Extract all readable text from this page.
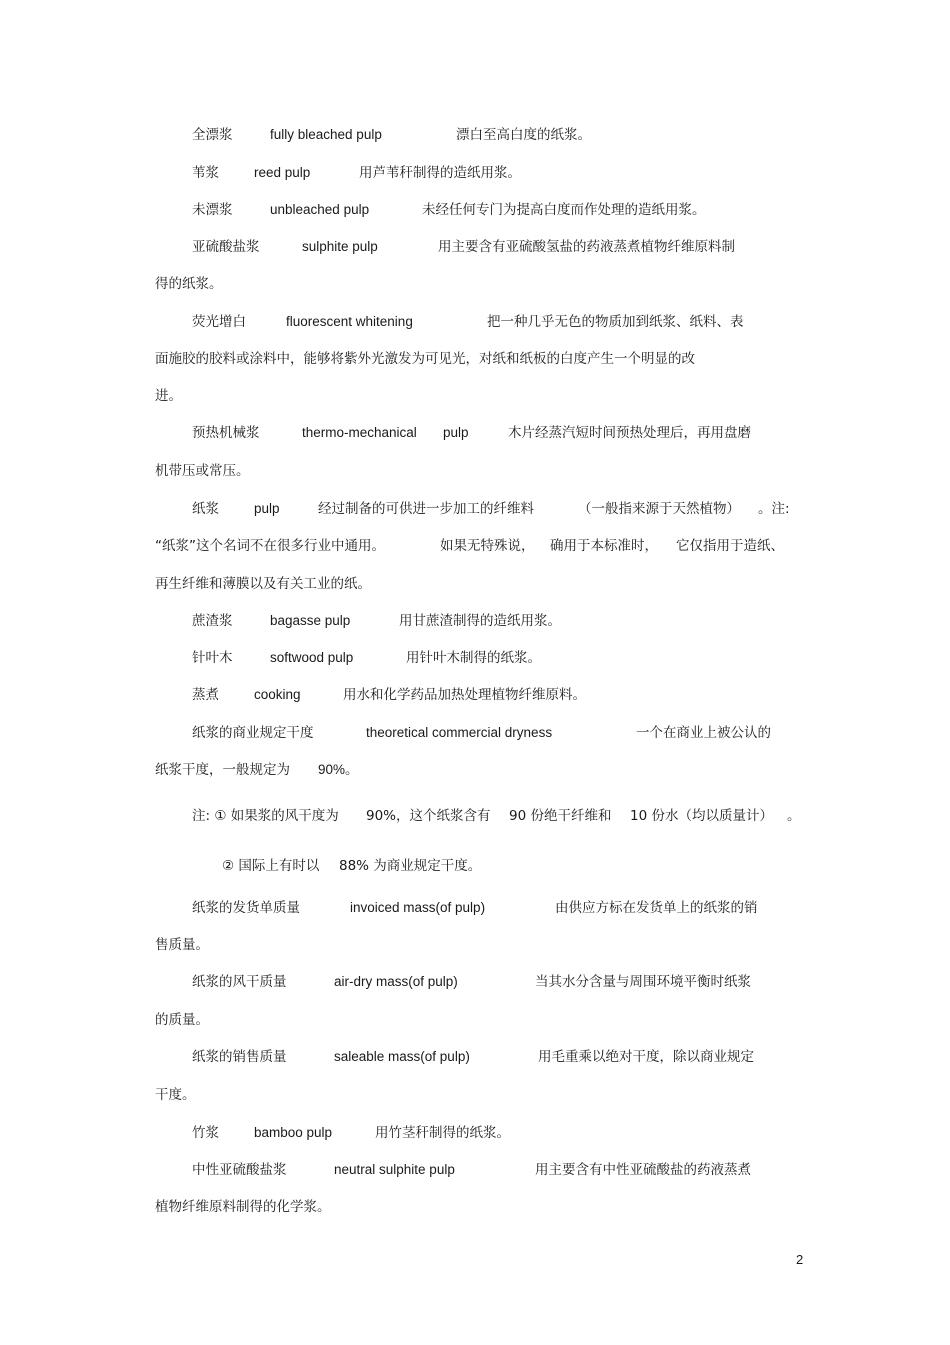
全漂浆	fully bleached pulp	漂白至高白度的纸浆。
苇浆	reed pulp	用芦苇秆制得的造纸用浆。
未漂浆	unbleached pulp	未经任何专门为提高白度而作处理的造纸用浆。
亚硫酸盐浆	sulphite pulp	用主要含有亚硫酸氢盐的药液蒸煮植物纤维原料制
得的纸浆。
荧光增白	fluorescent whitening	把一种几乎无色的物质加到纸浆、纸料、表
面施胶的胶料或涂料中，能够将紫外光激发为可见光，对纸和纸板的白度产生一个明显的改
进。
预热机械浆	thermo-mechanical pulp	木片经蒸汽短时间预热处理后，再用盘磨
机带压或常压。
纸浆	pulp	经过制备的可供进一步加工的纤维料	（一般指来源于天然植物） 。注:
“纸浆”这个名词不在很多行业中通用。	如果无特殊说， 确用于本标准时， 它仅指用于造纸、
再生纤维和薄膜以及有关工业的纸。
蔗渣浆	bagasse pulp	用甘蔗渣制得的造纸用浆。
针叶木	softwood pulp	用针叶木制得的纸浆。
蒸煮	cooking	用水和化学药品加热处理植物纤维原料。
纸浆的商业规定干度	theoretical commercial dryness	一个在商业上被公认的
纸浆干度，一般规定为 90%。
注: ① 如果浆的风干度为 90%，这个纸浆含有 90 份绝干纤维和 10 份水（均以质量计） 。
② 国际上有时以 88% 为商业规定干度。
纸浆的发货单质量	invoiced mass(of pulp)	由供应方标在发货单上的纸浆的销
售质量。
纸浆的风干质量	air-dry mass(of pulp)	当其水分含量与周围环境平衡时纸浆
的质量。
纸浆的销售质量	saleable mass(of pulp)	用毛重乘以绝对干度，除以商业规定
干度。
竹浆	bamboo pulp	用竹茎秆制得的纸浆。
中性亚硫酸盐浆	neutral sulphite pulp	用主要含有中性亚硫酸盐的药液蒸煮
植物纤维原料制得的化学浆。
2
